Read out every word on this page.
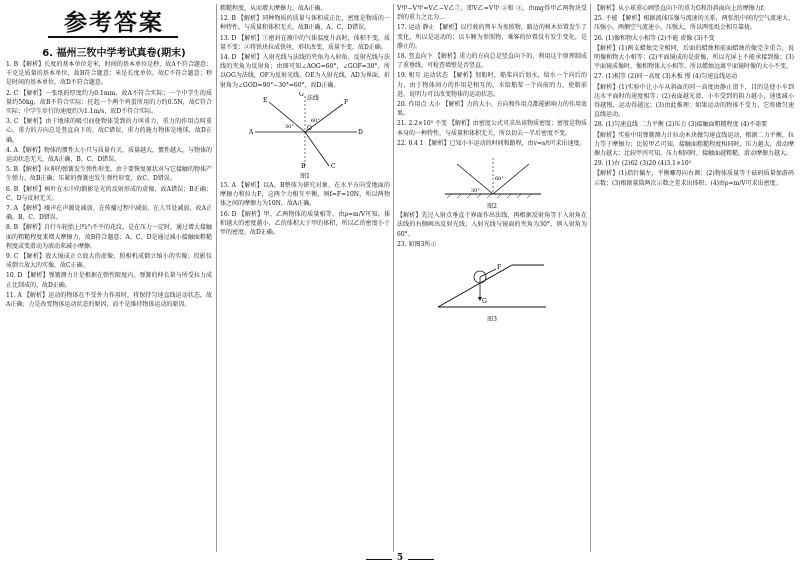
参考答案
6. 福州三牧中学考试真卷(期末)

1. B 【解析】长度的基本单位是米，时间的基本单位是秒，故A不符合题意；千克是质量的基本单位，故B符合题意；米是长度单位，故C不符合题意；秒是时间的基本单位，故D不符合题意。

2. C 【解析】一张纸的厚度约为0.1mm，故A不符合实际；一个中学生的质量约50kg，故B不符合实际；托起一个两个鸡蛋所用的力约0.5N，故C符合实际；中学生步行的速度约为1.1m/s，故D不符合实际。

3. C 【解析】由于地球的吸引而使物体受到的力叫重力，重力的作用点叫重心，重力的方向总是竖直向下的，故C错误，重力的施力物体是地球，故D正确。

4. A 【解析】物体的惯性大小只与质量有关，质量越大，惯性越大，与物体的运动状态无关，故A正确，B、C、D错误。

5. B 【解析】拉伸的弹簧发生弹性形变，由于要恢复原状对与它接触的物体产生弹力，故B正确；压紧的弹簧也发生弹性形变，故C、D错误。

6. B 【解析】树叶在水中的倒影是光的反射形成的虚像，故A错误；B正确；C、D与反射无关。

7. A 【解析】噪声在声源处减弱、在传播过程中减弱、在人耳处减弱，故A正确，B、C、D错误。

8. B 【解析】自行车轮胎上凹凸不平的花纹，是在压力一定时，通过增大接触面的粗糙程度来增大摩擦力，故B符合题意；A、C、D是通过减小接触面粗糙程度或变滑动为滚动来减小摩擦。

9. C 【解析】放大镜成正立放大的虚像；照相机成倒立缩小的实像；投影仪成倒立放大的实像，故C正确。

10. D 【解析】弹簧测力计是根据在弹性限度内，弹簧的伸长量与所受拉力成正比制成的，故D正确。

11. A 【解析】运动的物体在不受外力作用时，将保持匀速直线运动状态，故A正确；力是改变物体运动状态的原因，而不是维持物体运动的原因。

粗糙程度，从而增大摩擦力，故A正确。

12. B 【解析】同种物质的质量与体积成正比，密度是物质的一种特性，与质量和体积无关，故B正确，A、C、D错误。

13. D 【解析】①密封在瓶中的气体温度升高时，体积不变，质量不变；②将铁块拉成铁丝，形状改变，质量不变，故D正确。

14. D 【解析】入射光线与法线的夹角为入射角，反射光线与法线的夹角为反射角；由图可知∠AOG=60°，∠GOF=30°，所以OG为法线，OF为反射光线，OE为入射光线，AD为界面，折射角为∠GOD=90°−30°=60°，故D正确。

法线
A	D
E	F
C
B
O
G
30°
60°
图1

15. A 【解析】以A、B整体为研究对象，在水平方向受地面的摩擦力和拉力F，这两个力相互平衡，则f=F=10N，所以两物体之间的摩擦力为10N，故A正确。

16. D 【解析】甲、乙两物体的质量相等，由ρ=m/V可知，体积越大的密度越小，乙的体积大于甲的体积，所以乙的密度小于甲的密度，故D正确。

V甲−V甲=V乙−V乙⑦，即V乙=V甲 ②和 ③，由mg得甲乙两物块受到的重力之比为…

17. 运动 静止 【解析】以行驶的列车为参照物，路边的树木位置发生了变化，所以是运动的；以车厢为参照物，乘客的位置没有发生变化，是静止的。

18. 竖直向下 【解析】重力的方向总是竖直向下的，利用这个原理制成了重垂线，可检查墙壁是否竖直。

19. 相互 运动状态 【解析】划船时，船桨向后划水，给水一个向后的力，由于物体间力的作用是相互的，水给船桨一个向前的力，使船前进，说明力可以改变物体的运动状态。

20. 作用点 大小 【解析】力的大小、方向和作用点都能影响力的作用效果。

21. 2.2×10³ 不变 【解析】由密度公式可求出该物质密度；密度是物质本身的一种特性，与质量和体积无关，所以切去一半后密度不变。

22. 0.4 1 【解析】已知小车运动的时间和路程，由v=s/t可求出速度。

30°
60°
图2

【解析】先过入射点垂直于界面作出法线，再根据反射角等于入射角在法线的右侧画出反射光线；入射光线与镜面的夹角为30°，则入射角为60°。

23. 如图3所示

G
F
图3

【解析】从小球重心画竖直向下的重力G和沿斜面向上的摩擦力f。

25. 不能 【解析】根据流体压强与流速的关系，两张纸中间的空气流速大、压强小，两侧空气流速小、压强大，所以两张纸会相互靠拢。

26. (1)像和物大小相等 (2)不能 虚像 (3)不变

【解析】(1)两支蜡烛完全相同，后面的蜡烛和前面蜡烛的像完全重合，说明像和物大小相等；(2)平面镜成的是虚像，所以光屏上不能承接到像；(3)平面镜成像时，像和物体大小相等，所以蜡烛远离平面镜时像的大小不变。

27. (1)相等 (2)同一高度 (3)木板 慢 (4)匀速直线运动

【解析】(1)实验中让小车从斜面的同一高度由静止滑下，目的是使小车到达水平面时的速度相等；(2)表面越光滑，小车受到的阻力越小，速度减小得越慢，运动得越远；(3)由此推理：如果运动的物体不受力，它将做匀速直线运动。

28. (1)匀速直线 二力平衡 (2)压力 (3)接触面粗糙程度 (4)不需要

【解析】实验中用弹簧测力计拉动木块做匀速直线运动，根据二力平衡，拉力等于摩擦力；比较甲乙可知，接触面粗糙程度相同时，压力越大，滑动摩擦力越大；比较甲丙可知，压力相同时，接触面越粗糙，滑动摩擦力越大。

29. (1)右 (2)62 (3)20 (4)3.1×10³

【解析】(1)指针偏左，平衡螺母向右调；(2)物体质量等于砝码质量加游码示数；(3)根据量筒两次示数之差求出体积；(4)由ρ=m/V可求出密度。

5
